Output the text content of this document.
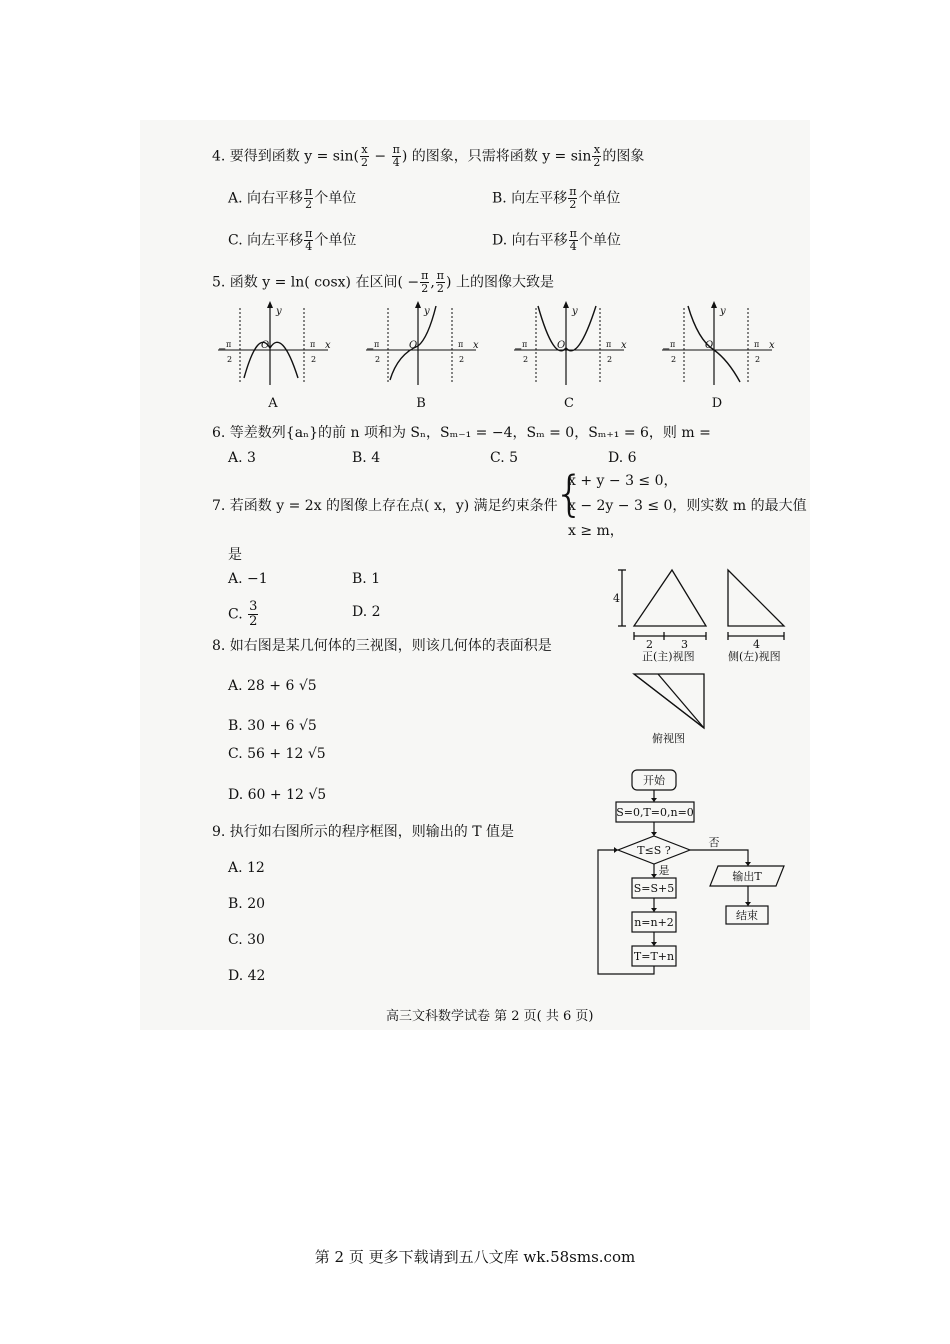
4. 要得到函数 $y = \sin( \frac{x}{2} - \frac{\pi}{4}$ ) 的图象，只需将函数 $y = \sin \frac{x}{2}$ 的图象
A. 向右平移 $\frac{\pi}{2}$ 个单位	B. 向左平移 $\frac{\pi}{2}$ 个单位
C. 向左平移 $\frac{\pi}{4}$ 个单位	D. 向右平移 $\frac{\pi}{4}$ 个单位
5. 函数 y = ln( cosx) 在区间( − $\frac{\pi}{2}$ , $\frac{\pi}{2}$ ) 上的图像大致是
y
x
O
− π
2
π
2
y
x
O
− π
2
π
2
y
x
O
− π
2
π
2
y
x
O
− π
2
π
2
A	B	C	D
6. 等差数列{aₙ}的前 n 项和为 Sₙ，Sₘ₋₁ = −4，Sₘ = 0，Sₘ₊₁ = 6，则 m =
A. 3	B. 4	C. 5	D. 6
7. 若函数 y = 2x 的图像上存在点( x，y) 满足约束条件
{
x + y − 3 ≤ 0，
x − 2y − 3 ≤ 0，则实数 m 的最大值
x ≥ m，
是
A. −1	B. 1
C. $\frac{3}{2}$	D. 2
8. 如右图是某几何体的三视图，则该几何体的表面积是
A. 28 + 6 √5
B. 30 + 6 √5
C. 56 + 12 √5
D. 60 + 12 √5
4
2	3	4
正(主)视图	侧(左)视图
俯视图
9. 执行如右图所示的程序框图，则输出的 T 值是
A. 12
B. 20
C. 30
D. 42
开始
S=0,T=0,n=0
T≤S ?
是
否
S=S+5
n=n+2
T=T+n
输出T
结束
高三文科数学试卷 第 2 页( 共 6 页)
第 2 页 更多下载请到五八文库 wk.58sms.com
